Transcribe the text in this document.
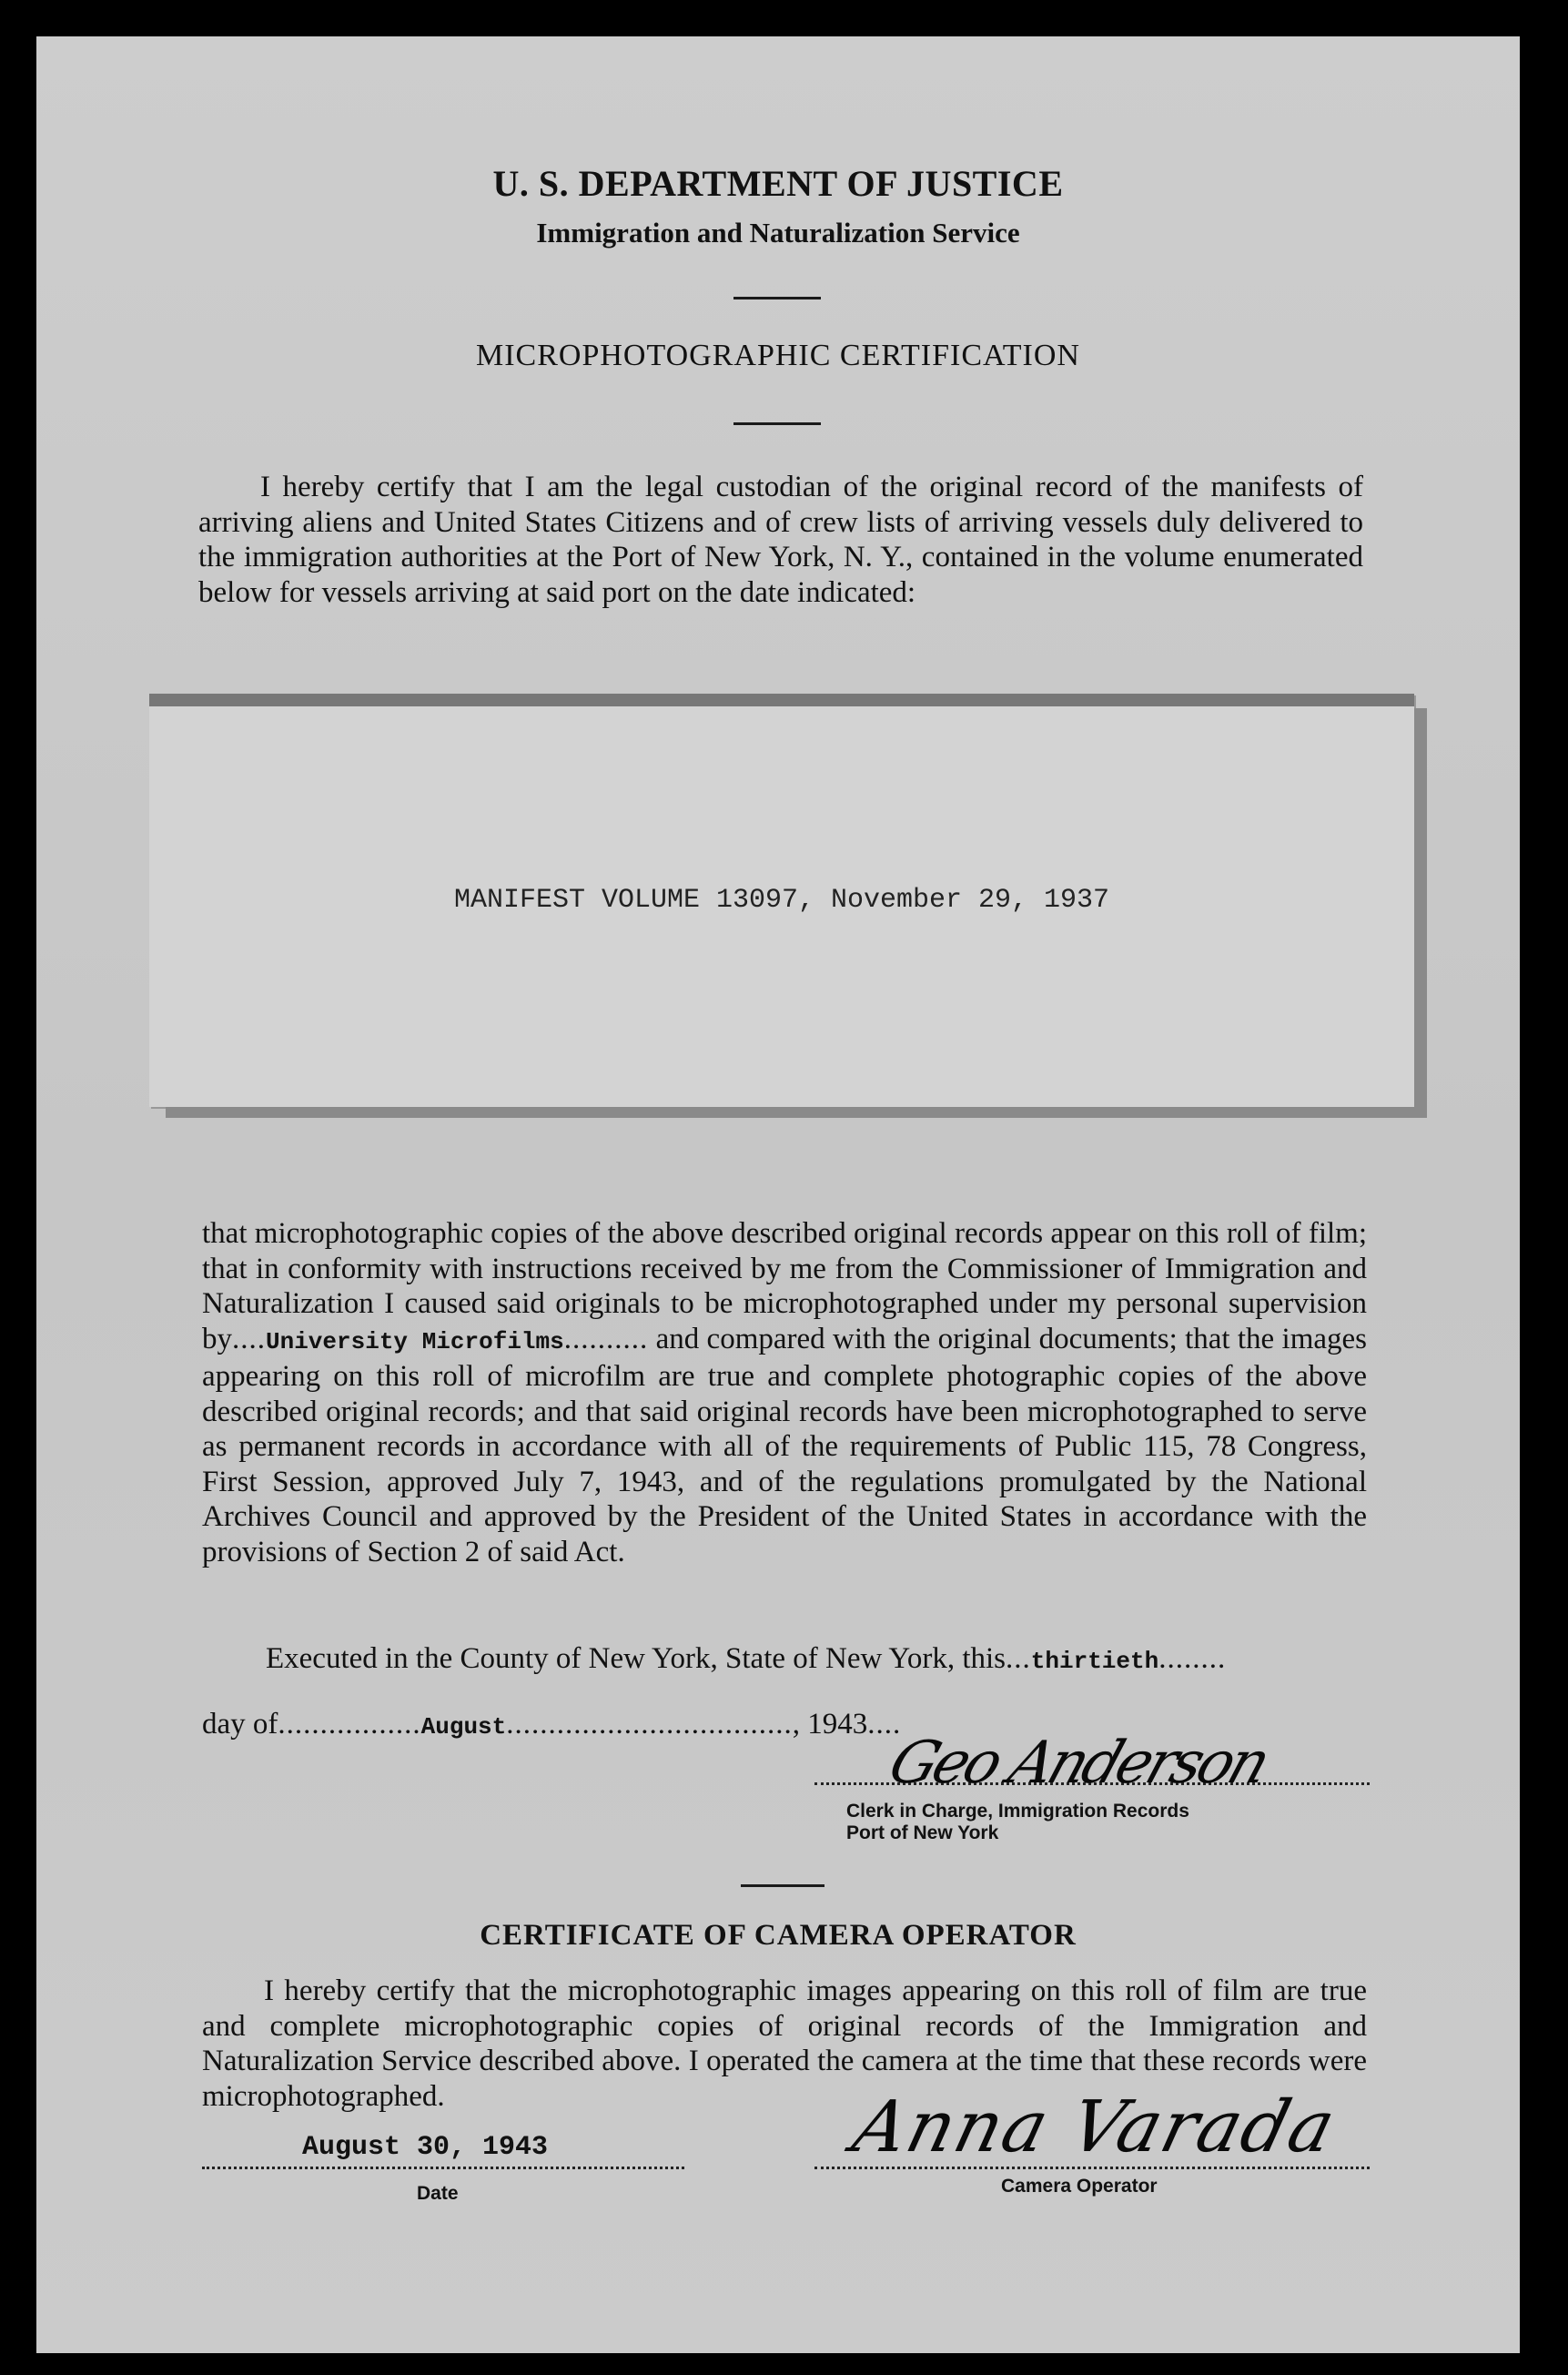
U. S. DEPARTMENT OF JUSTICE
Immigration and Naturalization Service
MICROPHOTOGRAPHIC CERTIFICATION
I hereby certify that I am the legal custodian of the original record of the manifests of arriving aliens and United States Citizens and of crew lists of arriving vessels duly delivered to the immigration authorities at the Port of New York, N. Y., contained in the volume enumerated below for vessels arriving at said port on the date indicated:
MANIFEST VOLUME 13097, November 29, 1937
that microphotographic copies of the above described original records appear on this roll of film; that in conformity with instructions received by me from the Commissioner of Immigration and Naturalization I caused said originals to be microphotographed under my personal supervision by....University Microfilms.......... and compared with the original documents; that the images appearing on this roll of microfilm are true and complete photographic copies of the above described original records; and that said original records have been microphotographed to serve as permanent records in accordance with all of the requirements of Public 115, 78 Congress, First Session, approved July 7, 1943, and of the regulations promulgated by the National Archives Council and approved by the President of the United States in accordance with the provisions of Section 2 of said Act.
Executed in the County of New York, State of New York, this...thirtieth........
day of.................August.................................., 1943....
Geo Anderson
Clerk in Charge, Immigration Records
Port of New York
CERTIFICATE OF CAMERA OPERATOR
I hereby certify that the microphotographic images appearing on this roll of film are true and complete microphotographic copies of original records of the Immigration and Naturalization Service described above. I operated the camera at the time that these records were microphotographed.
August 30, 1943
Date
Anna Varada
Camera Operator
